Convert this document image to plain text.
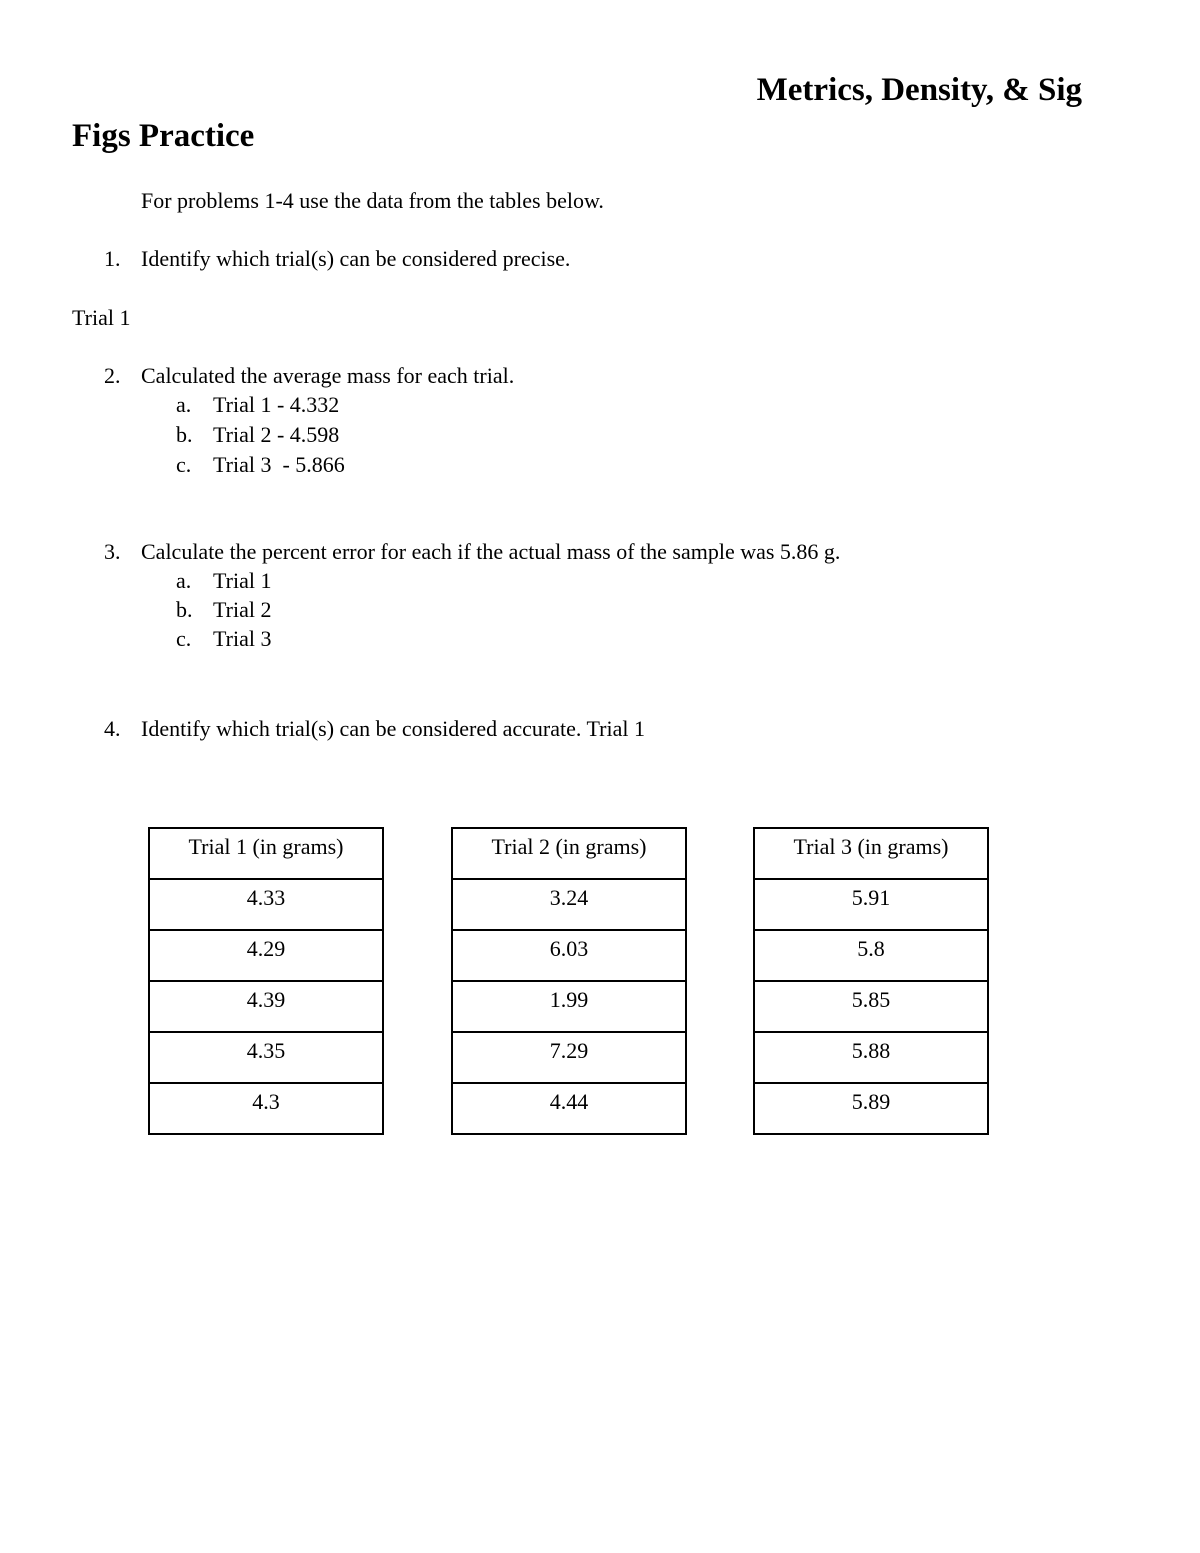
Metrics, Density, & Sig
Figs Practice
For problems 1-4 use the data from the tables below.
1. Identify which trial(s) can be considered precise.
Trial 1
2. Calculated the average mass for each trial.
a. Trial 1 - 4.332
b. Trial 2 - 4.598
c. Trial 3  - 5.866
3. Calculate the percent error for each if the actual mass of the sample was 5.86 g.
a. Trial 1
b. Trial 2
c. Trial 3
4. Identify which trial(s) can be considered accurate. Trial 1
Trial 1 (in grams)
4.33
4.29
4.39
4.35
4.3
Trial 2 (in grams)
3.24
6.03
1.99
7.29
4.44
Trial 3 (in grams)
5.91
5.8
5.85
5.88
5.89
